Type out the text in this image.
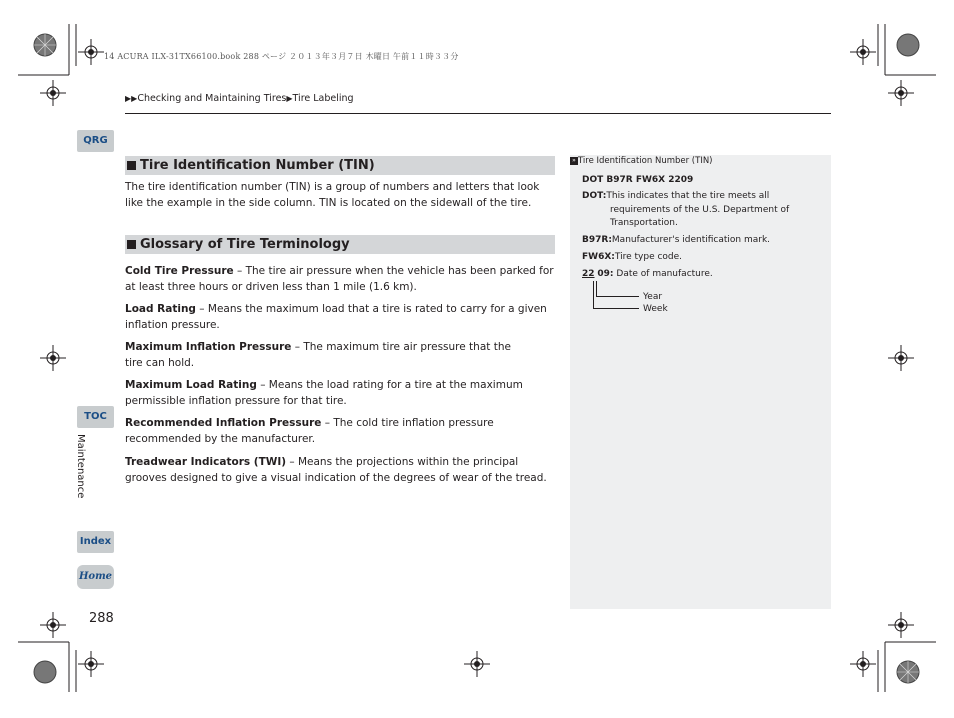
14 ACURA ILX-31TX66100.book 288 ページ ２０１３年３月７日 木曜日 午前１１時３３分
▶▶Checking and Maintaining Tires▶Tire Labeling
QRG
TOC
Maintenance
Index
Home
288
Tire Identification Number (TIN)
The tire identification number (TIN) is a group of numbers and letters that look like the example in the side column. TIN is located on the sidewall of the tire.
Glossary of Tire Terminology
Cold Tire Pressure – The tire air pressure when the vehicle has been parked for at least three hours or driven less than 1 mile (1.6 km).
Load Rating – Means the maximum load that a tire is rated to carry for a given inflation pressure.
Maximum Inflation Pressure – The maximum tire air pressure that the tire can hold.
Maximum Load Rating – Means the load rating for a tire at the maximum permissible inflation pressure for that tire.
Recommended Inflation Pressure – The cold tire inflation pressure recommended by the manufacturer.
Treadwear Indicators (TWI) – Means the projections within the principal grooves designed to give a visual indication of the degrees of wear of the tread.
» Tire Identification Number (TIN)
DOT B97R FW6X 2209
DOT:This indicates that the tire meets all
requirements of the U.S. Department of
Transportation.
B97R:Manufacturer's identification mark.
FW6X:Tire type code.
22 09: Date of manufacture.
Year
Week
